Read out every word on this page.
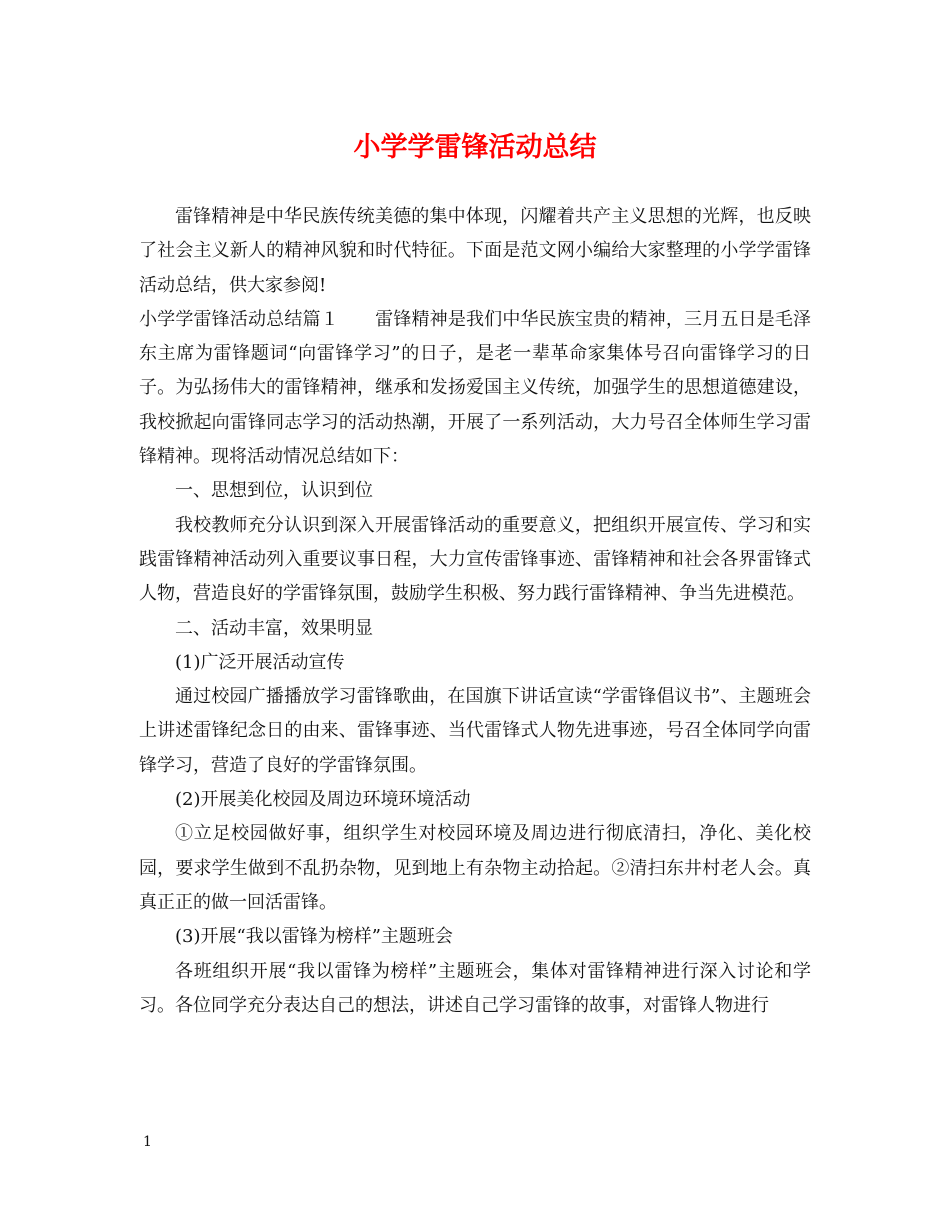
小学学雷锋活动总结

雷锋精神是中华民族传统美德的集中体现，闪耀着共产主义思想的光辉，也反映了社会主义新人的精神风貌和时代特征。下面是范文网小编给大家整理的小学学雷锋活动总结，供大家参阅!

小学学雷锋活动总结篇１　　雷锋精神是我们中华民族宝贵的精神，三月五日是毛泽东主席为雷锋题词“向雷锋学习”的日子，是老一辈革命家集体号召向雷锋学习的日子。为弘扬伟大的雷锋精神，继承和发扬爱国主义传统，加强学生的思想道德建设，我校掀起向雷锋同志学习的活动热潮，开展了一系列活动，大力号召全体师生学习雷锋精神。现将活动情况总结如下：

一、思想到位，认识到位

我校教师充分认识到深入开展雷锋活动的重要意义，把组织开展宣传、学习和实践雷锋精神活动列入重要议事日程，大力宣传雷锋事迹、雷锋精神和社会各界雷锋式人物，营造良好的学雷锋氛围，鼓励学生积极、努力践行雷锋精神、争当先进模范。

二、活动丰富，效果明显

(1)广泛开展活动宣传

通过校园广播播放学习雷锋歌曲，在国旗下讲话宣读“学雷锋倡议书”、主题班会上讲述雷锋纪念日的由来、雷锋事迹、当代雷锋式人物先进事迹，号召全体同学向雷锋学习，营造了良好的学雷锋氛围。

(2)开展美化校园及周边环境环境活动

①立足校园做好事，组织学生对校园环境及周边进行彻底清扫，净化、美化校园，要求学生做到不乱扔杂物，见到地上有杂物主动拾起。②清扫东井村老人会。真真正正的做一回活雷锋。

(3)开展“我以雷锋为榜样”主题班会

各班组织开展“我以雷锋为榜样”主题班会，集体对雷锋精神进行深入讨论和学习。各位同学充分表达自己的想法，讲述自己学习雷锋的故事，对雷锋人物进行

1
